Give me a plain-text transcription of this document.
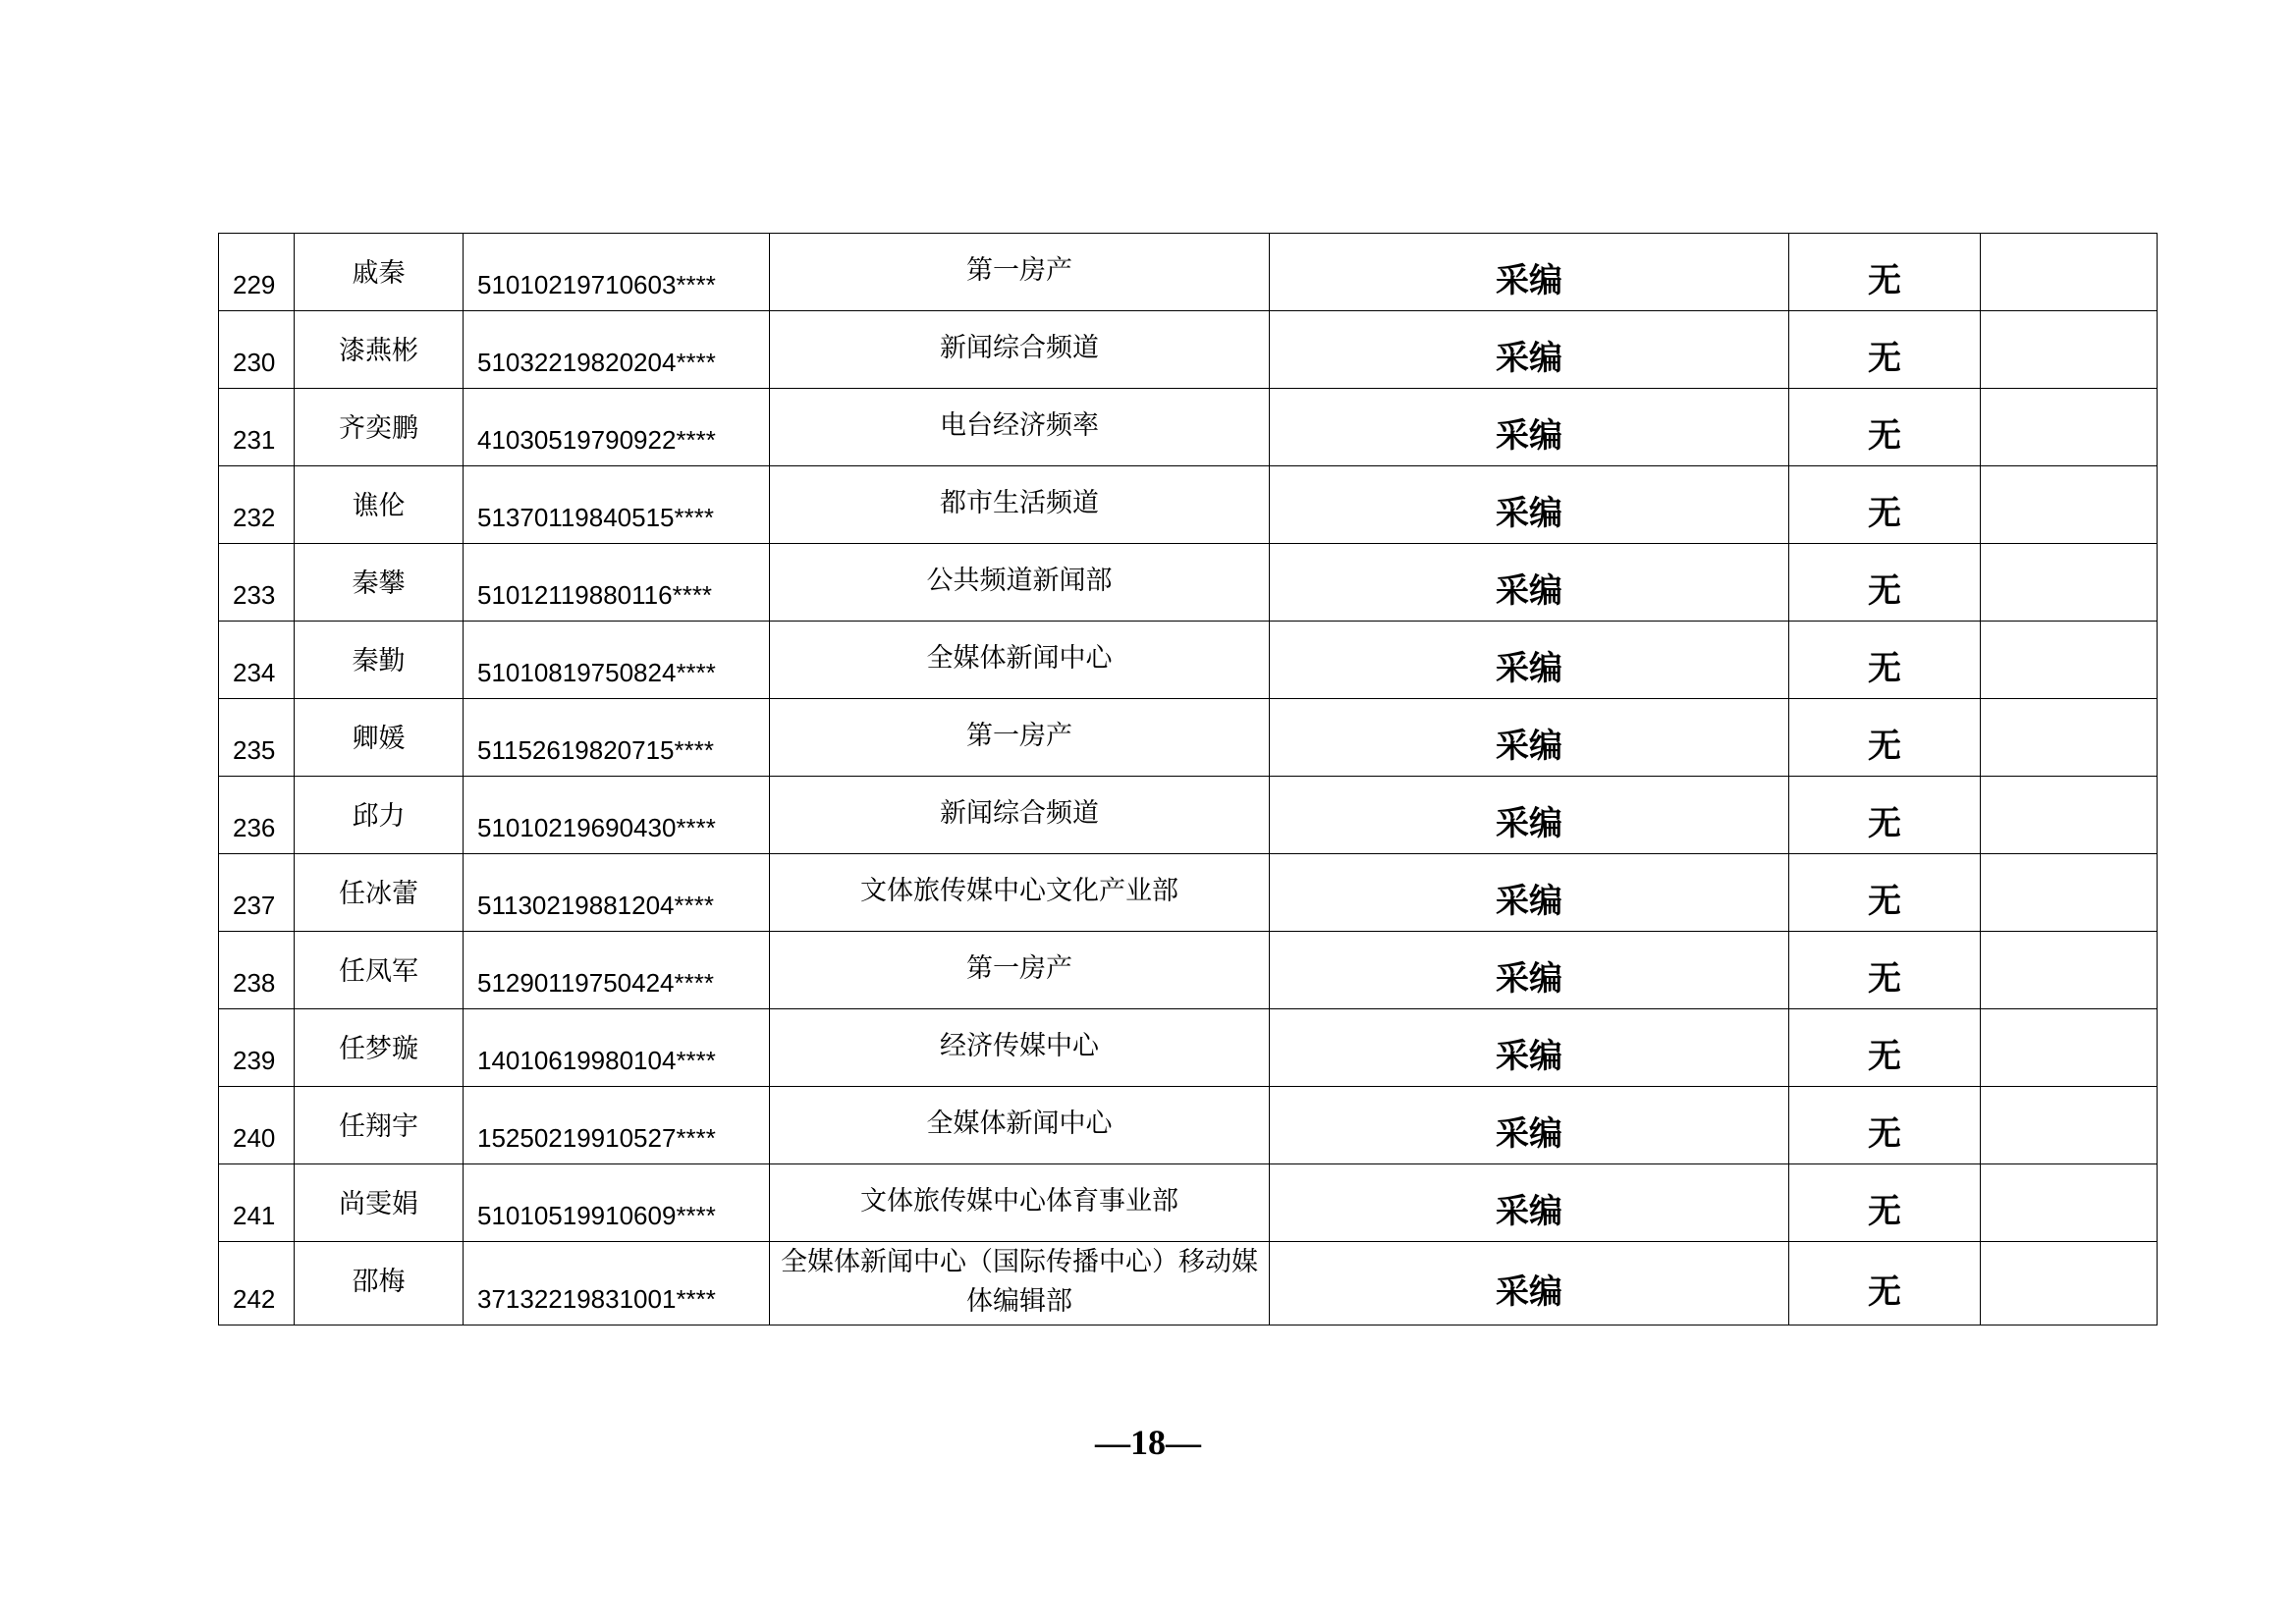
229	戚秦	51010219710603****	第一房产	采编	无	

230	漆燕彬	51032219820204****	新闻综合频道	采编	无	

231	齐奕鹏	41030519790922****	电台经济频率	采编	无	

232	谯伦	51370119840515****	都市生活频道	采编	无	

233	秦攀	51012119880116****	公共频道新闻部	采编	无	

234	秦勤	51010819750824****	全媒体新闻中心	采编	无	

235	卿媛	51152619820715****	第一房产	采编	无	

236	邱力	51010219690430****	新闻综合频道	采编	无	

237	任冰蕾	51130219881204****	文体旅传媒中心文化产业部	采编	无	

238	任凤军	51290119750424****	第一房产	采编	无	

239	任梦璇	14010619980104****	经济传媒中心	采编	无	

240	任翔宇	15250219910527****	全媒体新闻中心	采编	无	

241	尚雯娟	51010519910609****	文体旅传媒中心体育事业部	采编	无	

242	邵梅	37132219831001****	全媒体新闻中心（国际传播中心）移动媒体编辑部	采编	无	

—18—
